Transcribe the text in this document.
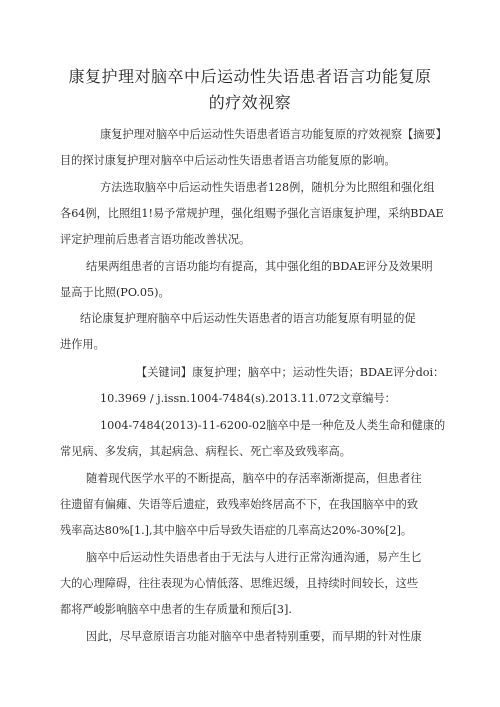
康复护理对脑卒中后运动性失语患者语言功能复原
的疗效视察
康复护理对脑卒中后运动性失语患者语言功能复原的疗效视察【摘要】
目的探讨康复护理对脑卒中后运动性失语患者语言功能复原的影响。
方法选取脑卒中后运动性失语患者128例，随机分为比照组和强化组
各64例，比照组1!易予常规护理，强化组赐予强化言语康复护理，采纳BDAE
评定护理前后患者言语功能改善状况。
结果两组患者的言语功能均有提高，其中强化组的BDAE评分及效果明
显高于比照(PO.05)。
结论康复护理府脑卒中后运动性失语患者的语言功能复原有明显的促
进作用。
【关键词】康复护理；脑卒中；运动性失语；BDAE评分doi：
10.3969 / j.issn.1004-7484(s).2013.11.072文章编号：
1004-7484(2013)-11-6200-02脑卒中是一种危及人类生命和健康的
常见病、多发病，其起病急、病程长、死亡率及致残率高。
随着现代医学水平的不断提高，脑卒中的存活率渐渐提高，但患者往
往遗留有偏瘫、失语等后遗症，致残率始终居高不下，在我国脑卒中的致
残率高达80%[1.],其中脑卒中后导致失语症的几率高达20%-30%[2]。
脑卒中后运动性失语患者由于无法与人进行正常沟通沟通，易产生匕
大的心理障碍，往往表现为心情低落、思维迟缓，且持续时间较长，这些
都将严峻影响脑卒中患者的生存质量和预后[3].
因此，尽早意原语言功能对脑卒中患者特别重要，而早期的针对性康
